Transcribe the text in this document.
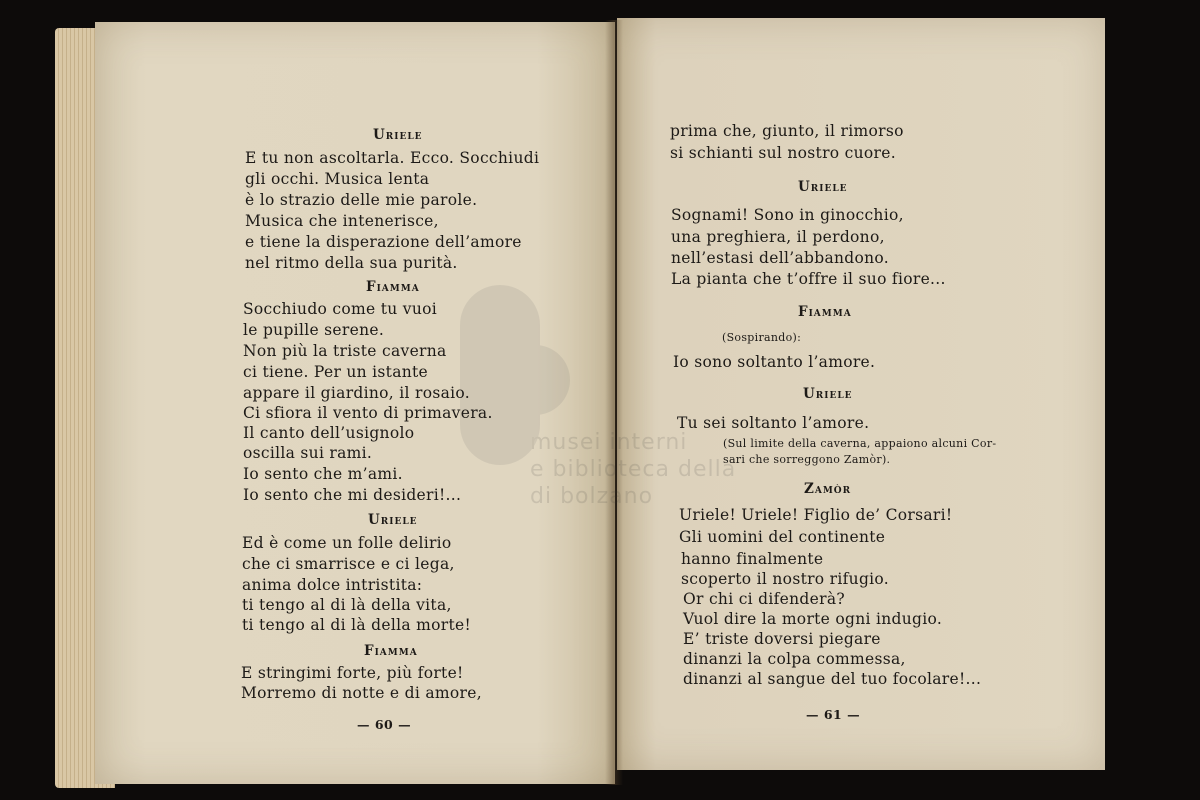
Uriele
E tu non ascoltarla. Ecco. Socchiudi
gli occhi. Musica lenta
è lo strazio delle mie parole.
Musica che intenerisce,
e tiene la disperazione dell’amore
nel ritmo della sua purità.
Fiamma
Socchiudo come tu vuoi
le pupille serene.
Non più la triste caverna
ci tiene. Per un istante
appare il giardino, il rosaio.
Ci sfiora il vento di primavera.
Il canto dell’usignolo
oscilla sui rami.
Io sento che m’ami.
Io sento che mi desideri!...
Uriele
Ed è come un folle delirio
che ci smarrisce e ci lega,
anima dolce intristita:
ti tengo al di là della vita,
ti tengo al di là della morte!
Fiamma
E stringimi forte, più forte!
Morremo di notte e di amore,
— 60 —
prima che, giunto, il rimorso
si schianti sul nostro cuore.
Uriele
Sognami! Sono in ginocchio,
una preghiera, il perdono,
nell’estasi dell’abbandono.
La pianta che t’offre il suo fiore...
Fiamma
(Sospirando):
Io sono soltanto l’amore.
Uriele
Tu sei soltanto l’amore.
(Sul limite della caverna, appaiono alcuni Cor-
sari che sorreggono Zamòr).
Zamòr
Uriele! Uriele! Figlio de’ Corsari!
Gli uomini del continente
hanno finalmente
scoperto il nostro rifugio.
Or chi ci difenderà?
Vuol dire la morte ogni indugio.
E’ triste doversi piegare
dinanzi la colpa commessa,
dinanzi al sangue del tuo focolare!...
— 61 —
